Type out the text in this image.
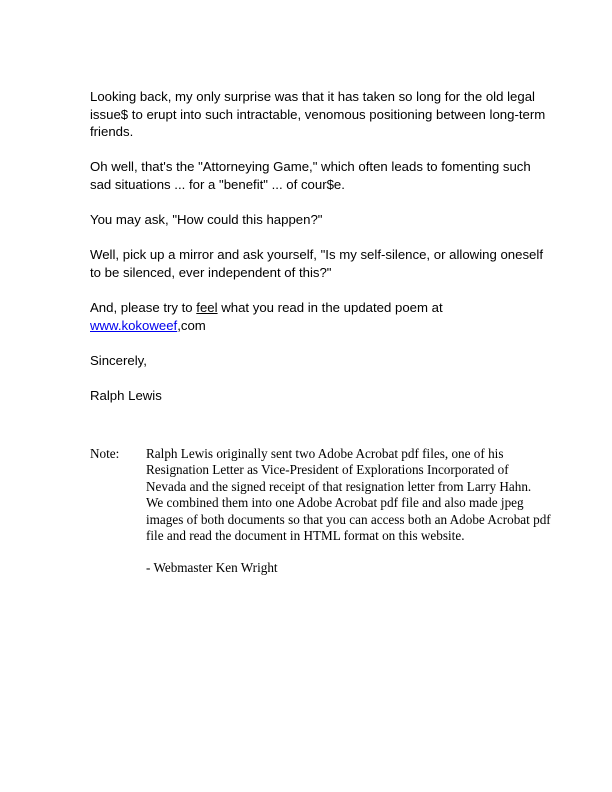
Looking back, my only surprise was that it has taken so long for the old legal issue$ to erupt into such intractable, venomous positioning between long-term friends.

Oh well, that's the "Attorneying Game," which often leads to fomenting such sad situations ... for a "benefit" ... of cour$e.

You may ask, "How could this happen?"

Well, pick up a mirror and ask yourself, "Is my self-silence, or allowing oneself to be silenced, ever independent of this?"

And, please try to feel what you read in the updated poem at www.kokoweef,com

Sincerely,

Ralph Lewis

Note:	Ralph Lewis originally sent two Adobe Acrobat pdf files, one of his Resignation Letter as Vice-President of Explorations Incorporated of Nevada and the signed receipt of that resignation letter from Larry Hahn. We combined them into one Adobe Acrobat pdf file and also made jpeg images of both documents so that you can access both an Adobe Acrobat pdf file and read the document in HTML format on this website.

- Webmaster Ken Wright
